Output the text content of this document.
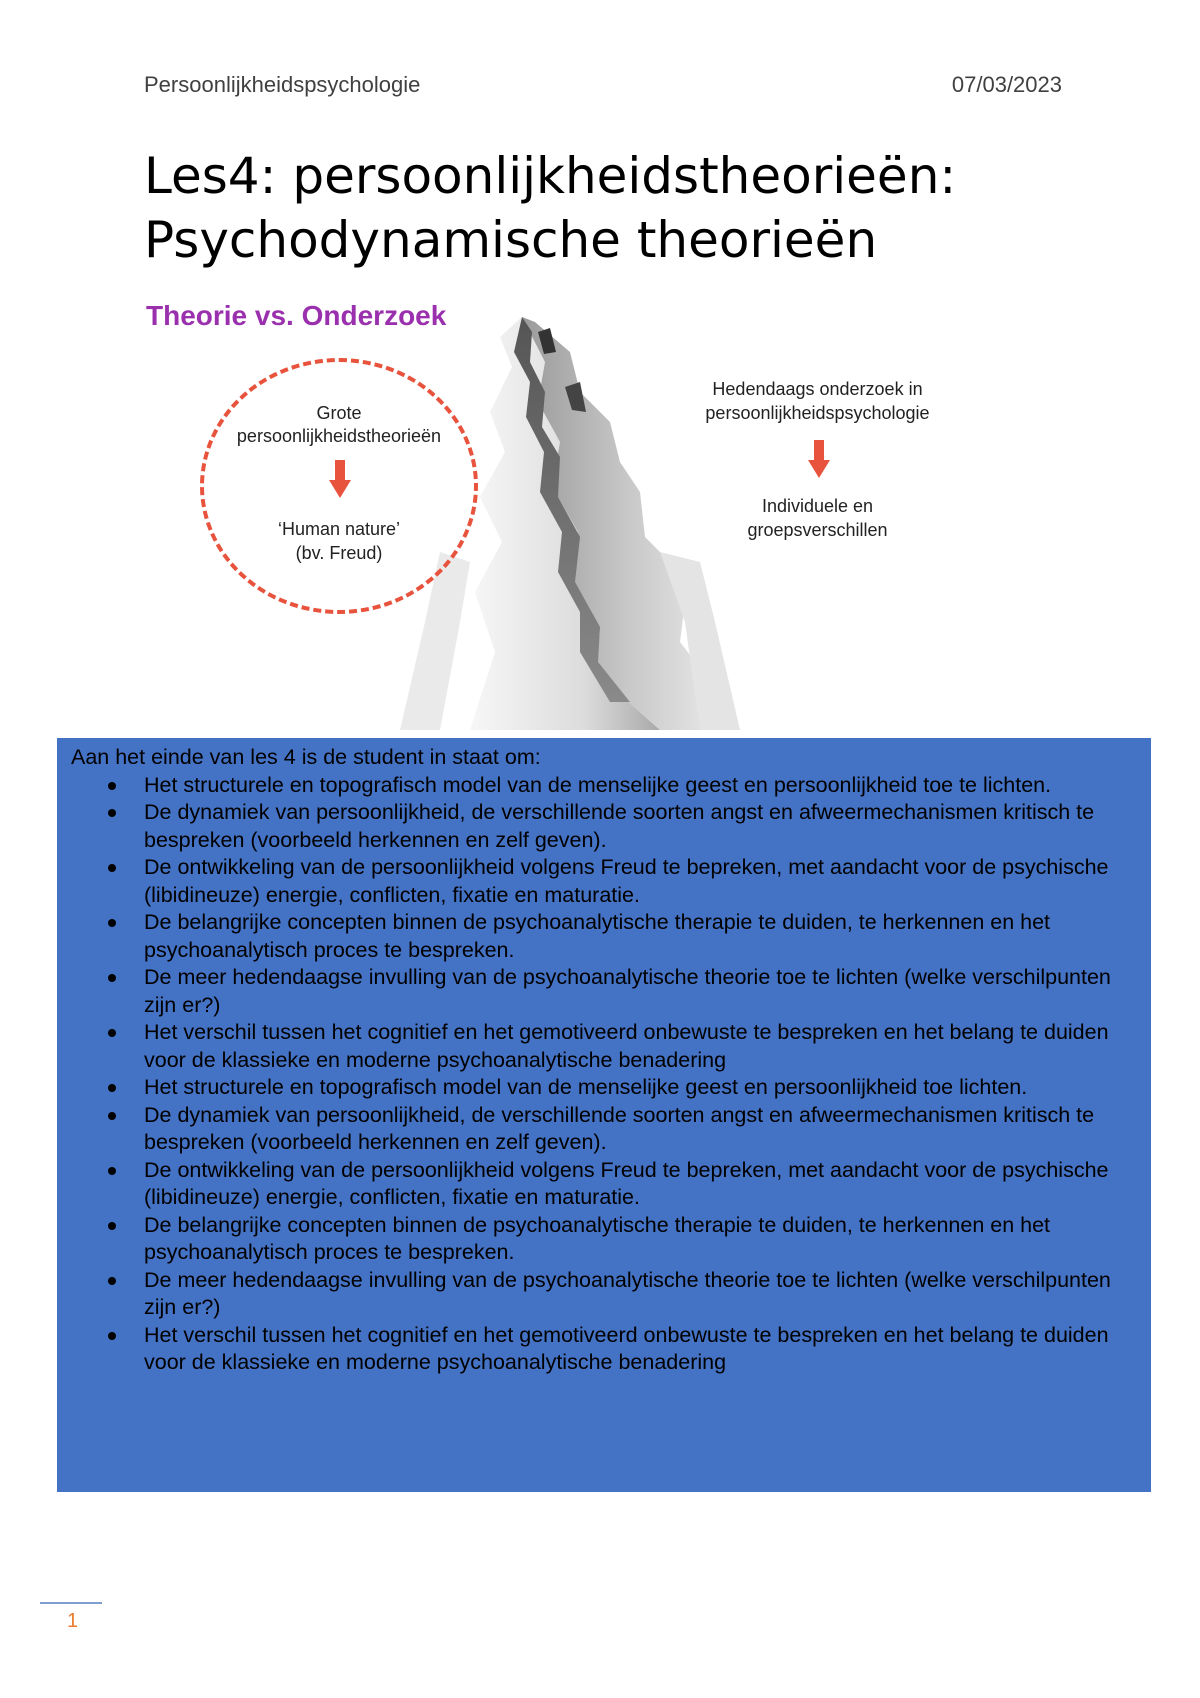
Persoonlijkheidspsychologie	07/03/2023
Les4: persoonlijkheidstheorieën:
Psychodynamische theorieën
Theorie vs. Onderzoek
Grote
persoonlijkheidstheorieën
‘Human nature’
(bv. Freud)
Hedendaags onderzoek in
persoonlijkheidspsychologie
Individuele en
groepsverschillen

Aan het einde van les 4 is de student in staat om:

Het structurele en topografisch model van de menselijke geest en persoonlijkheid toe te lichten.
De dynamiek van persoonlijkheid, de verschillende soorten angst en afweermechanismen kritisch te bespreken (voorbeeld herkennen en zelf geven).
De ontwikkeling van de persoonlijkheid volgens Freud te bepreken, met aandacht voor de psychische (libidineuze) energie, conflicten, fixatie en maturatie.
De belangrijke concepten binnen de psychoanalytische therapie te duiden, te herkennen en het psychoanalytisch proces te bespreken.
De meer hedendaagse invulling van de psychoanalytische theorie toe te lichten (welke verschilpunten zijn er?)
Het verschil tussen het cognitief en het gemotiveerd onbewuste te bespreken en het belang te duiden voor de klassieke en moderne psychoanalytische benadering
Het structurele en topografisch model van de menselijke geest en persoonlijkheid toe lichten.
De dynamiek van persoonlijkheid, de verschillende soorten angst en afweermechanismen kritisch te bespreken (voorbeeld herkennen en zelf geven).
De ontwikkeling van de persoonlijkheid volgens Freud te bepreken, met aandacht voor de psychische (libidineuze) energie, conflicten, fixatie en maturatie.
De belangrijke concepten binnen de psychoanalytische therapie te duiden, te herkennen en het psychoanalytisch proces te bespreken.
De meer hedendaagse invulling van de psychoanalytische theorie toe te lichten (welke verschilpunten zijn er?)
Het verschil tussen het cognitief en het gemotiveerd onbewuste te bespreken en het belang te duiden voor de klassieke en moderne psychoanalytische benadering
1
